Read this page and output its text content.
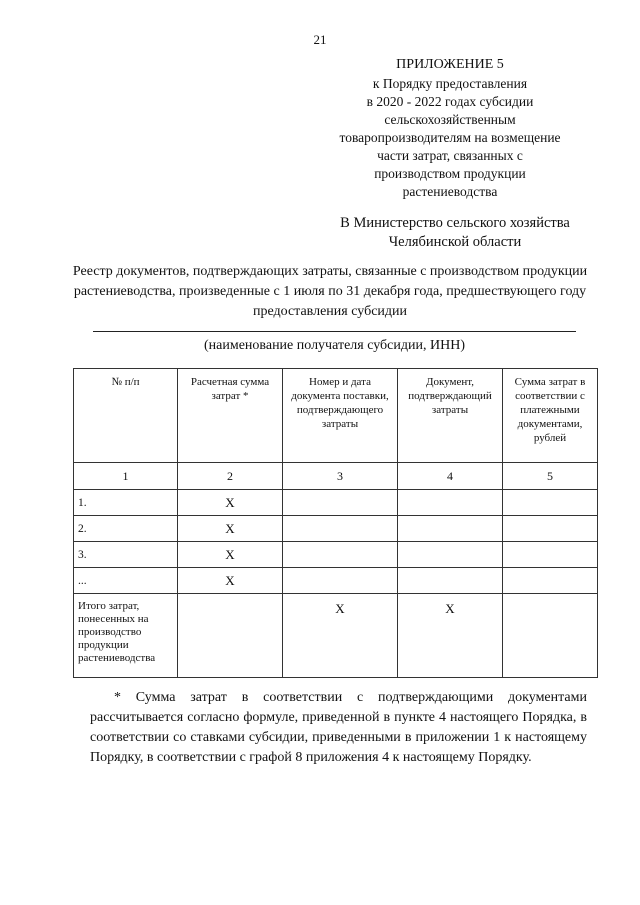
21
ПРИЛОЖЕНИЕ 5
к Порядку предоставления
в 2020 - 2022 годах субсидии
сельскохозяйственным
товаропроизводителям на возмещение
части затрат, связанных с
производством продукции
растениеводства
В Министерство сельского хозяйства
Челябинской области
Реестр документов, подтверждающих затраты, связанные с производством продукции растениеводства, произведенные с 1 июля по 31 декабря года, предшествующего году предоставления субсидии
(наименование получателя субсидии, ИНН)
№ п/п	Расчетная сумма затрат *	Номер и дата документа поставки, подтверждающего затраты	Документ, подтверждающий затраты	Сумма затрат в соответствии с платежными документами, рублей
1	2	3	4	5
1.	X			
2.	X			
3.	X			
...	X			
Итого затрат, понесенных на производство продукции растениеводства		X	X	
* Сумма затрат в соответствии с подтверждающими документами рассчитывается согласно формуле, приведенной в пункте 4 настоящего Порядка, в соответствии со ставками субсидии, приведенными в приложении 1 к настоящему Порядку, в соответствии с графой 8 приложения 4 к настоящему Порядку.
